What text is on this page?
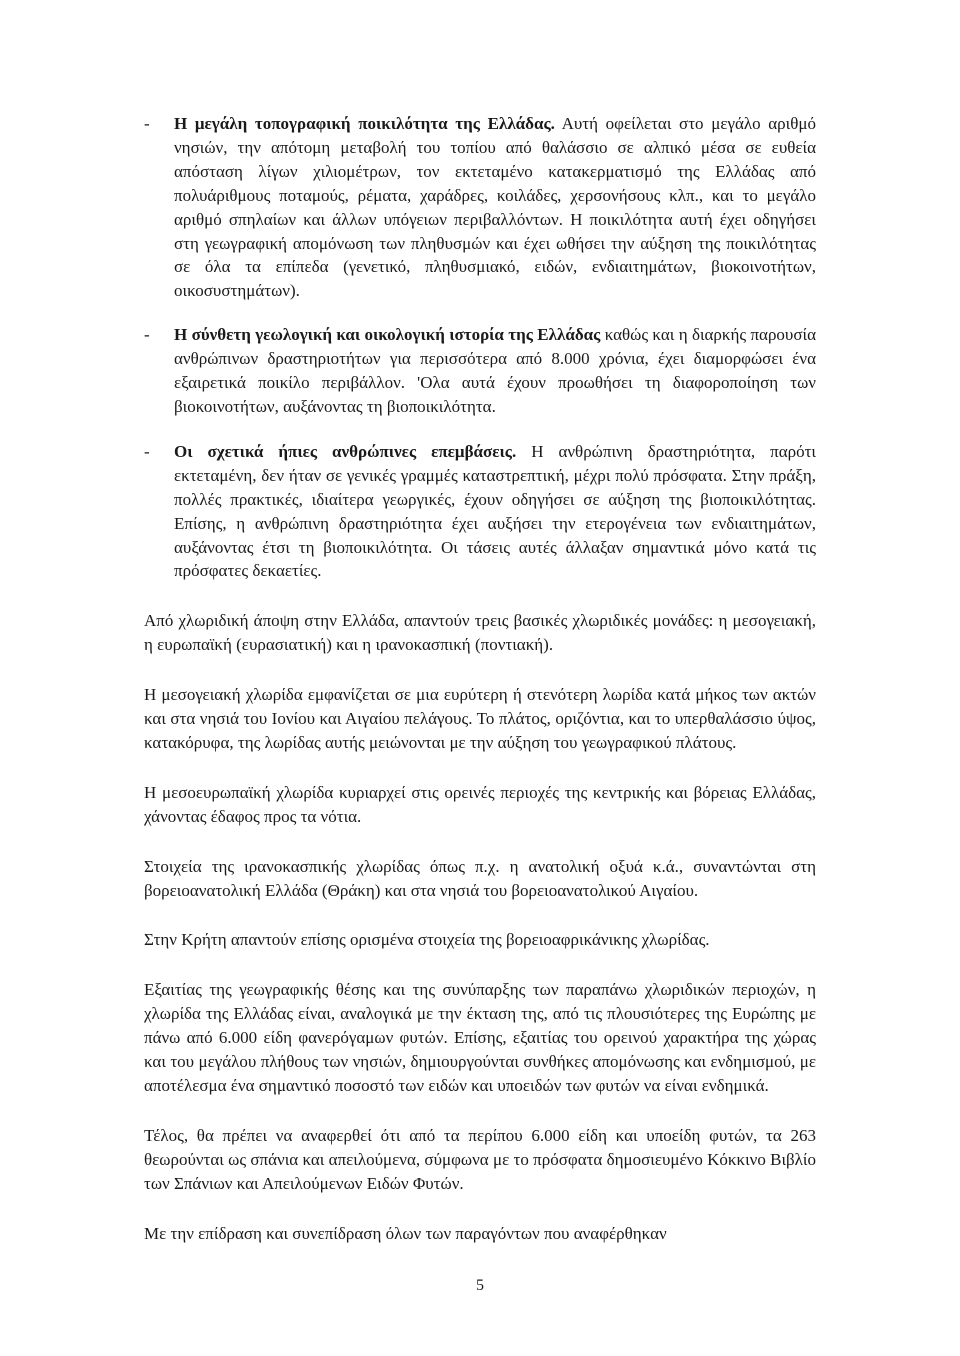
- Η μεγάλη τοπογραφική ποικιλότητα της Ελλάδας. Αυτή οφείλεται στο μεγάλο αριθμό νησιών, την απότομη μεταβολή του τοπίου από θαλάσσιο σε αλπικό μέσα σε ευθεία απόσταση λίγων χιλιομέτρων, τον εκτεταμένο κατακερματισμό της Ελλάδας από πολυάριθμους ποταμούς, ρέματα, χαράδρες, κοιλάδες, χερσονήσους κλπ., και το μεγάλο αριθμό σπηλαίων και άλλων υπόγειων περιβαλλόντων. Η ποικιλότητα αυτή έχει οδηγήσει στη γεωγραφική απομόνωση των πληθυσμών και έχει ωθήσει την αύξηση της ποικιλότητας σε όλα τα επίπεδα (γενετικό, πληθυσμιακό, ειδών, ενδιαιτημάτων, βιοκοινοτήτων, οικοσυστημάτων).

- Η σύνθετη γεωλογική και οικολογική ιστορία της Ελλάδας καθώς και η διαρκής παρουσία ανθρώπινων δραστηριοτήτων για περισσότερα από 8.000 χρόνια, έχει διαμορφώσει ένα εξαιρετικά ποικίλο περιβάλλον. 'Ολα αυτά έχουν προωθήσει τη διαφοροποίηση των βιοκοινοτήτων, αυξάνοντας τη βιοποικιλότητα.

- Οι σχετικά ήπιες ανθρώπινες επεμβάσεις. Η ανθρώπινη δραστηριότητα, παρότι εκτεταμένη, δεν ήταν σε γενικές γραμμές καταστρεπτική, μέχρι πολύ πρόσφατα. Στην πράξη, πολλές πρακτικές, ιδιαίτερα γεωργικές, έχουν οδηγήσει σε αύξηση της βιοποικιλότητας. Επίσης, η ανθρώπινη δραστηριότητα έχει αυξήσει την ετερογένεια των ενδιαιτημάτων, αυξάνοντας έτσι τη βιοποικιλότητα. Οι τάσεις αυτές άλλαξαν σημαντικά μόνο κατά τις πρόσφατες δεκαετίες.

Από χλωριδική άποψη στην Ελλάδα, απαντούν τρεις βασικές χλωριδικές μονάδες: η μεσογειακή, η ευρωπαϊκή (ευρασιατική) και η ιρανοκασπική (ποντιακή).

Η μεσογειακή χλωρίδα εμφανίζεται σε μια ευρύτερη ή στενότερη λωρίδα κατά μήκος των ακτών και στα νησιά του Ιονίου και Αιγαίου πελάγους. Το πλάτος, οριζόντια, και το υπερθαλάσσιο ύψος, κατακόρυφα, της λωρίδας αυτής μειώνονται με την αύξηση του γεωγραφικού πλάτους.

Η μεσοευρωπαϊκή χλωρίδα κυριαρχεί στις ορεινές περιοχές της κεντρικής και βόρειας Ελλάδας, χάνοντας έδαφος προς τα νότια.

Στοιχεία της ιρανοκασπικής χλωρίδας όπως π.χ. η ανατολική οξυά κ.ά., συναντώνται στη βορειοανατολική Ελλάδα (Θράκη) και στα νησιά του βορειοανατολικού Αιγαίου.

Στην Κρήτη απαντούν επίσης ορισμένα στοιχεία της βορειοαφρικάνικης χλωρίδας.

Εξαιτίας της γεωγραφικής θέσης και της συνύπαρξης των παραπάνω χλωριδικών περιοχών, η χλωρίδα της Ελλάδας είναι, αναλογικά με την έκταση της, από τις πλουσιότερες της Ευρώπης με πάνω από 6.000 είδη φανερόγαμων φυτών. Επίσης, εξαιτίας του ορεινού χαρακτήρα της χώρας και του μεγάλου πλήθους των νησιών, δημιουργούνται συνθήκες απομόνωσης και ενδημισμού, με αποτέλεσμα ένα σημαντικό ποσοστό των ειδών και υποειδών των φυτών να είναι ενδημικά.

Τέλος, θα πρέπει να αναφερθεί ότι από τα περίπου 6.000 είδη και υποείδη φυτών, τα 263 θεωρούνται ως σπάνια και απειλούμενα, σύμφωνα με το πρόσφατα δημοσιευμένο Κόκκινο Βιβλίο των Σπάνιων και Απειλούμενων Ειδών Φυτών.

Με την επίδραση και συνεπίδραση όλων των παραγόντων που αναφέρθηκαν

5
